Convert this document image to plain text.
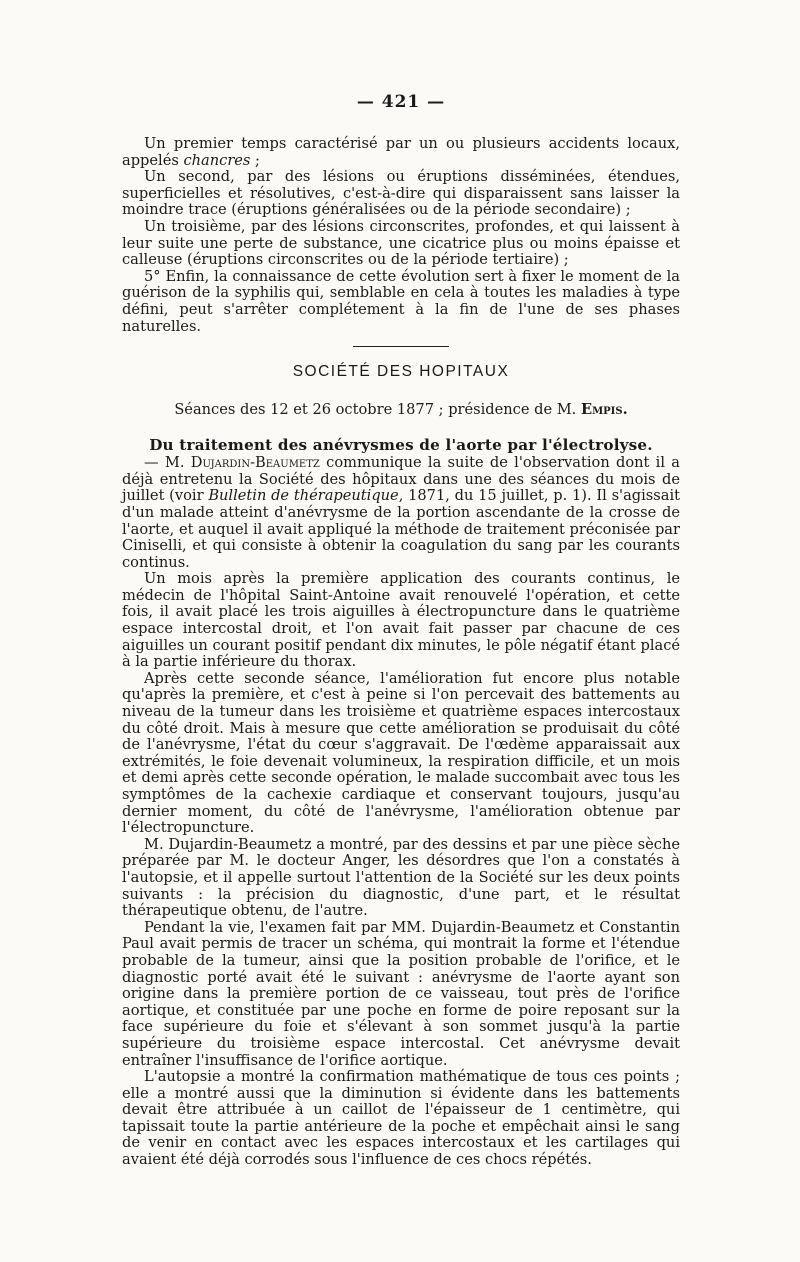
— 421 —

Un premier temps caractérisé par un ou plusieurs accidents locaux, appelés chancres ;

Un second, par des lésions ou éruptions disséminées, étendues, superficielles et résolutives, c'est-à-dire qui disparaissent sans laisser la moindre trace (éruptions généralisées ou de la période secondaire) ;

Un troisième, par des lésions circonscrites, profondes, et qui laissent à leur suite une perte de substance, une cicatrice plus ou moins épaisse et calleuse (éruptions circonscrites ou de la période tertiaire) ;

5° Enfin, la connaissance de cette évolution sert à fixer le moment de la guérison de la syphilis qui, semblable en cela à toutes les maladies à type défini, peut s'arrêter complétement à la fin de l'une de ses phases naturelles.

SOCIÉTÉ DES HOPITAUX
Séances des 12 et 26 octobre 1877 ; présidence de M. Empis.
Du traitement des anévrysmes de l'aorte par l'électrolyse.

— M. Dujardin-Beaumetz communique la suite de l'observation dont il a déjà entretenu la Société des hôpitaux dans une des séances du mois de juillet (voir Bulletin de thérapeutique, 1871, du 15 juillet, p. 1). Il s'agissait d'un malade atteint d'anévrysme de la portion ascendante de la crosse de l'aorte, et auquel il avait appliqué la méthode de traitement préconisée par Ciniselli, et qui consiste à obtenir la coagulation du sang par les courants continus.

Un mois après la première application des courants continus, le médecin de l'hôpital Saint-Antoine avait renouvelé l'opération, et cette fois, il avait placé les trois aiguilles à électropuncture dans le quatrième espace intercostal droit, et l'on avait fait passer par chacune de ces aiguilles un courant positif pendant dix minutes, le pôle négatif étant placé à la partie inférieure du thorax.

Après cette seconde séance, l'amélioration fut encore plus notable qu'après la première, et c'est à peine si l'on percevait des battements au niveau de la tumeur dans les troisième et quatrième espaces intercostaux du côté droit. Mais à mesure que cette amélioration se produisait du côté de l'anévrysme, l'état du cœur s'aggravait. De l'œdème apparaissait aux extrémités, le foie devenait volumineux, la respiration difficile, et un mois et demi après cette seconde opération, le malade succombait avec tous les symptômes de la cachexie cardiaque et conservant toujours, jusqu'au dernier moment, du côté de l'anévrysme, l'amélioration obtenue par l'électropuncture.

M. Dujardin-Beaumetz a montré, par des dessins et par une pièce sèche préparée par M. le docteur Anger, les désordres que l'on a constatés à l'autopsie, et il appelle surtout l'attention de la Société sur les deux points suivants : la précision du diagnostic, d'une part, et le résultat thérapeutique obtenu, de l'autre.

Pendant la vie, l'examen fait par MM. Dujardin-Beaumetz et Constantin Paul avait permis de tracer un schéma, qui montrait la forme et l'étendue probable de la tumeur, ainsi que la position probable de l'orifice, et le diagnostic porté avait été le suivant : anévrysme de l'aorte ayant son origine dans la première portion de ce vaisseau, tout près de l'orifice aortique, et constituée par une poche en forme de poire reposant sur la face supérieure du foie et s'élevant à son sommet jusqu'à la partie supérieure du troisième espace intercostal. Cet anévrysme devait entraîner l'insuffisance de l'orifice aortique.

L'autopsie a montré la confirmation mathématique de tous ces points ; elle a montré aussi que la diminution si évidente dans les battements devait être attribuée à un caillot de l'épaisseur de 1 centimètre, qui tapissait toute la partie antérieure de la poche et empêchait ainsi le sang de venir en contact avec les espaces intercostaux et les cartilages qui avaient été déjà corrodés sous l'influence de ces chocs répétés.
